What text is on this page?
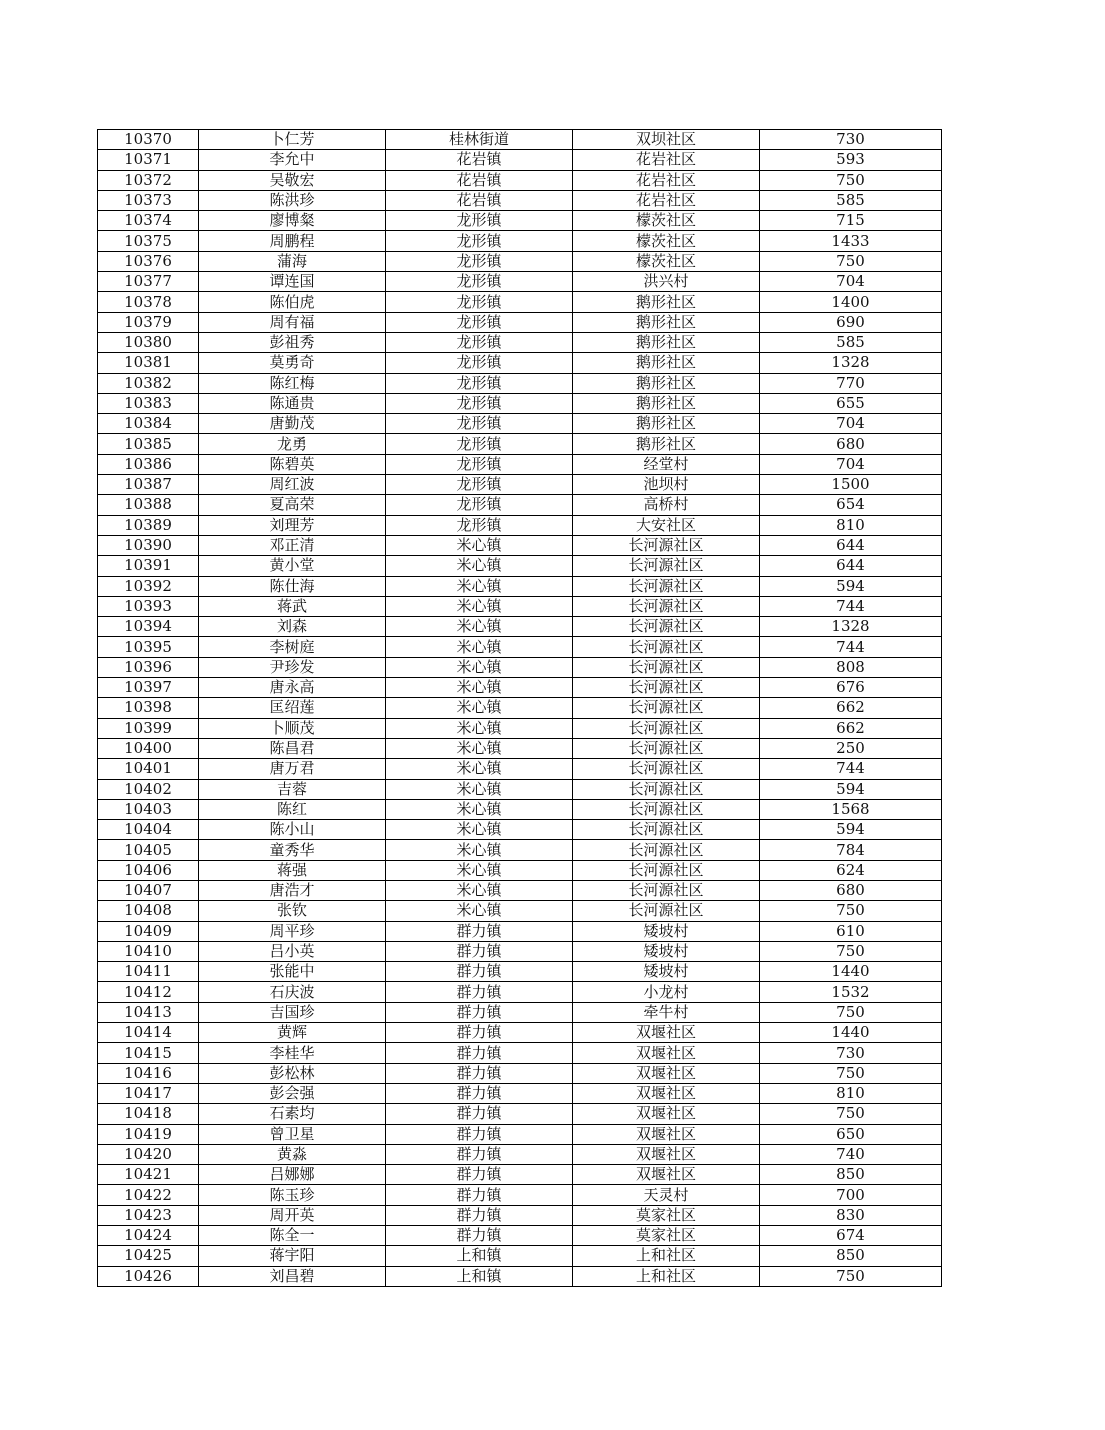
10370	卜仁芳	桂林街道	双坝社区	730
10371	李允中	花岩镇	花岩社区	593
10372	吴敬宏	花岩镇	花岩社区	750
10373	陈洪珍	花岩镇	花岩社区	585
10374	廖博粲	龙形镇	檬茨社区	715
10375	周鹏程	龙形镇	檬茨社区	1433
10376	蒲海	龙形镇	檬茨社区	750
10377	谭连国	龙形镇	洪兴村	704
10378	陈伯虎	龙形镇	鹅形社区	1400
10379	周有福	龙形镇	鹅形社区	690
10380	彭祖秀	龙形镇	鹅形社区	585
10381	莫勇奇	龙形镇	鹅形社区	1328
10382	陈红梅	龙形镇	鹅形社区	770
10383	陈通贵	龙形镇	鹅形社区	655
10384	唐勤茂	龙形镇	鹅形社区	704
10385	龙勇	龙形镇	鹅形社区	680
10386	陈碧英	龙形镇	经堂村	704
10387	周红波	龙形镇	池坝村	1500
10388	夏高荣	龙形镇	高桥村	654
10389	刘理芳	龙形镇	大安社区	810
10390	邓正清	米心镇	长河源社区	644
10391	黄小堂	米心镇	长河源社区	644
10392	陈仕海	米心镇	长河源社区	594
10393	蒋武	米心镇	长河源社区	744
10394	刘森	米心镇	长河源社区	1328
10395	李树庭	米心镇	长河源社区	744
10396	尹珍发	米心镇	长河源社区	808
10397	唐永高	米心镇	长河源社区	676
10398	匡绍莲	米心镇	长河源社区	662
10399	卜顺茂	米心镇	长河源社区	662
10400	陈昌君	米心镇	长河源社区	250
10401	唐万君	米心镇	长河源社区	744
10402	吉蓉	米心镇	长河源社区	594
10403	陈红	米心镇	长河源社区	1568
10404	陈小山	米心镇	长河源社区	594
10405	童秀华	米心镇	长河源社区	784
10406	蒋强	米心镇	长河源社区	624
10407	唐浩才	米心镇	长河源社区	680
10408	张钦	米心镇	长河源社区	750
10409	周平珍	群力镇	矮坡村	610
10410	吕小英	群力镇	矮坡村	750
10411	张能中	群力镇	矮坡村	1440
10412	石庆波	群力镇	小龙村	1532
10413	吉国珍	群力镇	牵牛村	750
10414	黄辉	群力镇	双堰社区	1440
10415	李桂华	群力镇	双堰社区	730
10416	彭松林	群力镇	双堰社区	750
10417	彭会强	群力镇	双堰社区	810
10418	石素均	群力镇	双堰社区	750
10419	曾卫星	群力镇	双堰社区	650
10420	黄淼	群力镇	双堰社区	740
10421	吕娜娜	群力镇	双堰社区	850
10422	陈玉珍	群力镇	天灵村	700
10423	周开英	群力镇	莫家社区	830
10424	陈全一	群力镇	莫家社区	674
10425	蒋宇阳	上和镇	上和社区	850
10426	刘昌碧	上和镇	上和社区	750
